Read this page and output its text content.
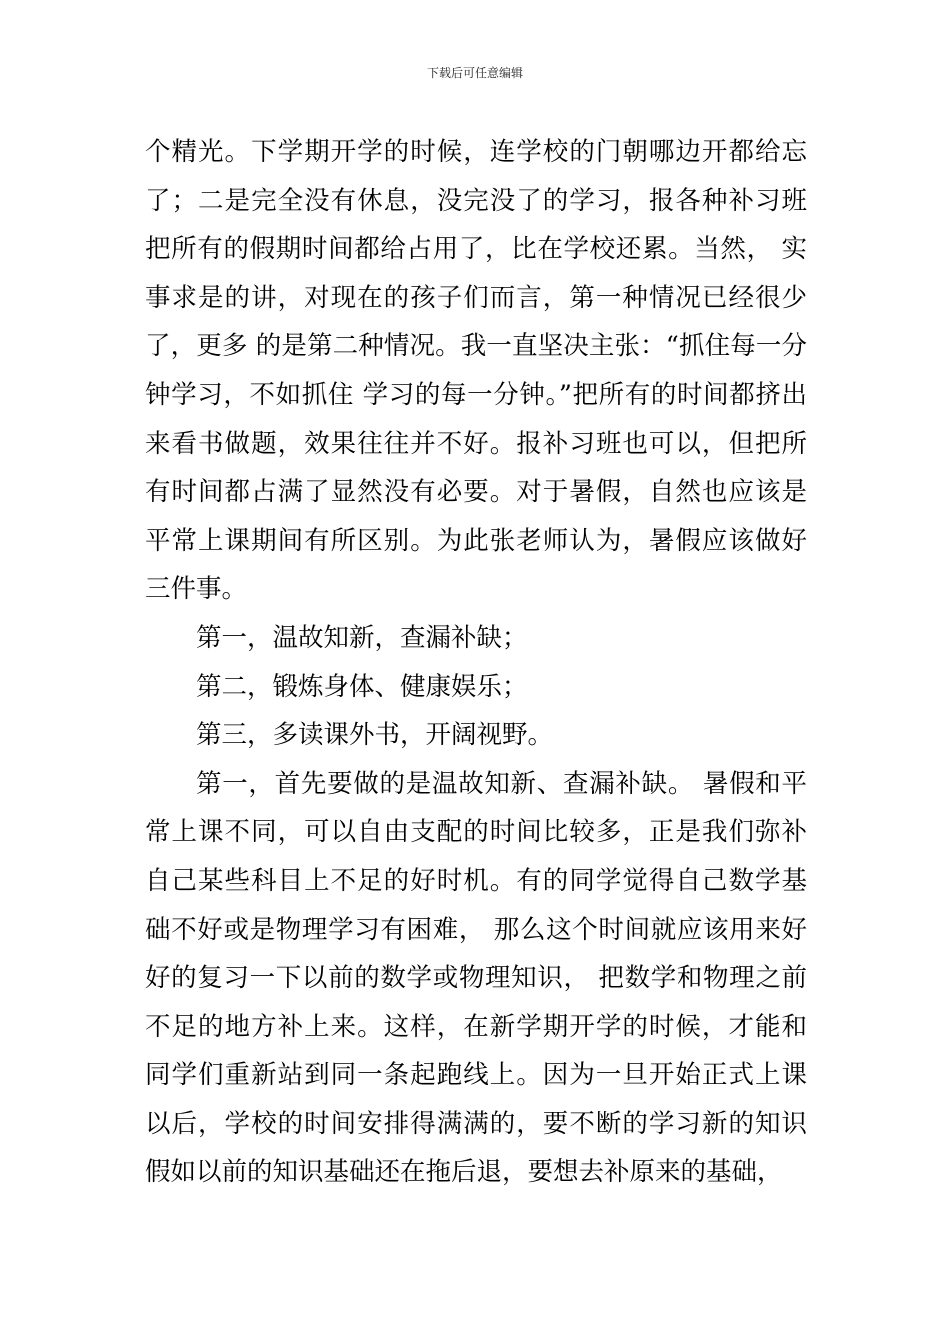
下载后可任意编辑

个精光。下学期开学的时候，连学校的门朝哪边开都给忘了；二是完全没有休息，没完没了的学习，报各种补习班把所有的假期时间都给占用了，比在学校还累。当然， 实事求是的讲，对现在的孩子们而言，第一种情况已经很少了，更多 的是第二种情况。我一直坚决主张：“抓住每一分钟学习，不如抓住 学习的每一分钟。”把所有的时间都挤出来看书做题，效果往往并不好。报补习班也可以，但把所有时间都占满了显然没有必要。对于暑假，自然也应该是平常上课期间有所区别。为此张老师认为，暑假应该做好三件事。

第一，温故知新，查漏补缺；

第二，锻炼身体、健康娱乐；

第三，多读课外书，开阔视野。

第一，首先要做的是温故知新、查漏补缺。 暑假和平常上课不同，可以自由支配的时间比较多，正是我们弥补自己某些科目上不足的好时机。有的同学觉得自己数学基础不好或是物理学习有困难， 那么这个时间就应该用来好好的复习一下以前的数学或物理知识， 把数学和物理之前不足的地方补上来。这样，在新学期开学的时候，才能和同学们重新站到同一条起跑线上。因为一旦开始正式上课以后，学校的时间安排得满满的，要不断的学习新的知识假如以前的知识基础还在拖后退，要想去补原来的基础，
